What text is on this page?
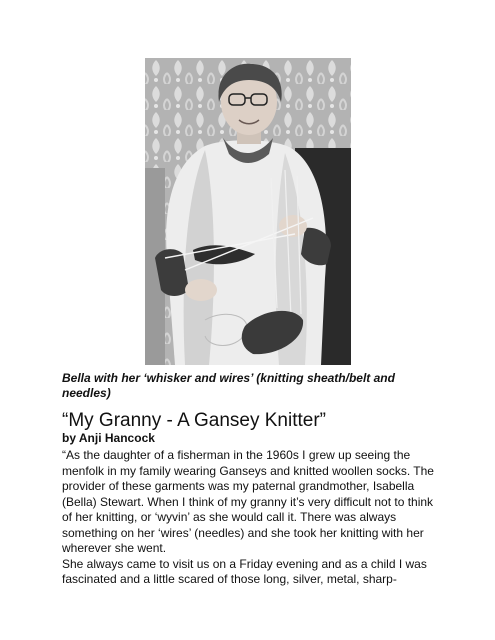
Bella with her ‘whisker and wires’ (knitting sheath/belt and needles)

“My Granny - A Gansey Knitter”
by Anji Hancock

“As the daughter of a fisherman in the 1960s I grew up seeing the menfolk in my family wearing Ganseys and knitted woollen socks. The provider of these garments was my paternal grandmother, Isabella (Bella) Stewart. When I think of my granny it’s very difficult not to think of her knitting, or ‘wyvin’ as she would call it. There was always something on her ‘wires’ (needles) and she took her knitting with her wherever she went.

She always came to visit us on a Friday evening and as a child I was fascinated and a little scared of those long, silver, metal, sharp-
